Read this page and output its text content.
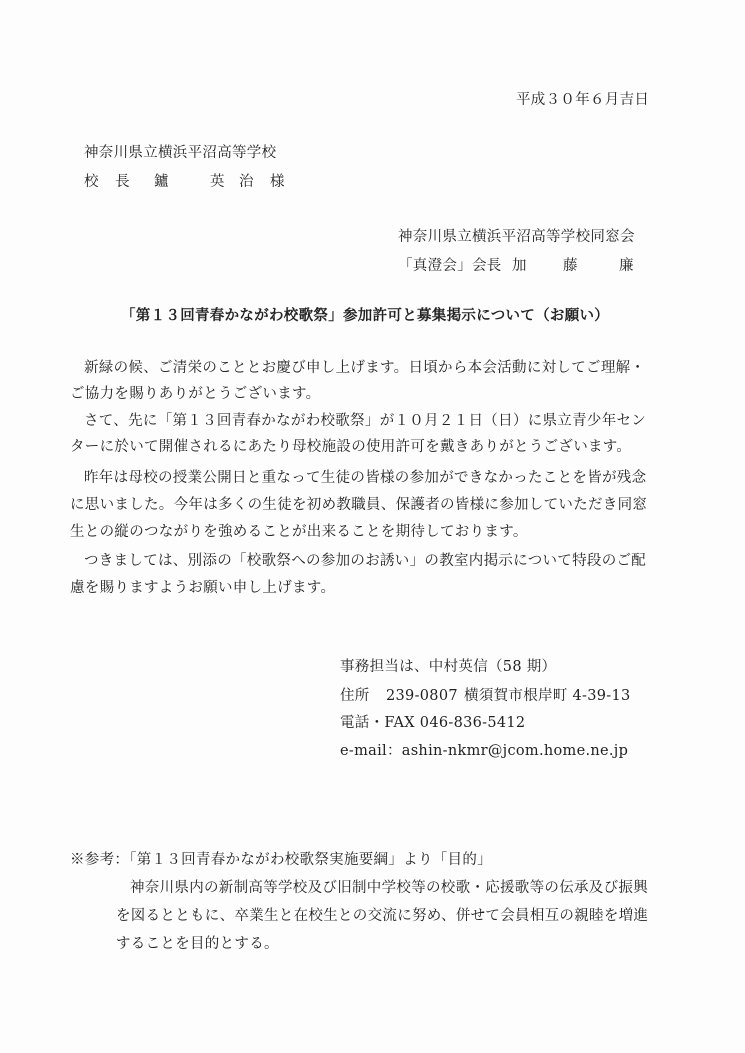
平成３０年６月吉日
神奈川県立横浜平沼高等学校
校 長 鑪	英 治 様
神奈川県立横浜平沼高等学校同窓会
「真澄会」会長 加 藤	廉
「第１３回青春かながわ校歌祭」参加許可と募集掲示について（お願い）
新緑の候、ご清栄のこととお慶び申し上げます。日頃から本会活動に対してご理解・
ご協力を賜りありがとうございます。
さて、先に「第１３回青春かながわ校歌祭」が１０月２１日（日）に県立青少年セン
ターに於いて開催されるにあたり母校施設の使用許可を戴きありがとうございます。
昨年は母校の授業公開日と重なって生徒の皆様の参加ができなかったことを皆が残念
に思いました。今年は多くの生徒を初め教職員、保護者の皆様に参加していただき同窓
生との縦のつながりを強めることが出来ることを期待しております。
つきましては、別添の「校歌祭への参加のお誘い」の教室内掲示について特段のご配
慮を賜りますようお願い申し上げます。
事務担当は、中村英信（58 期）
住所 239-0807 横須賀市根岸町 4-39-13
電話・FAX 046-836-5412
e-mail：ashin-nkmr@jcom.home.ne.jp
※参考：「第１３回青春かながわ校歌祭実施要綱」より「目的」
神奈川県内の新制高等学校及び旧制中学校等の校歌・応援歌等の伝承及び振興
を図るとともに、卒業生と在校生との交流に努め、併せて会員相互の親睦を増進
することを目的とする。
